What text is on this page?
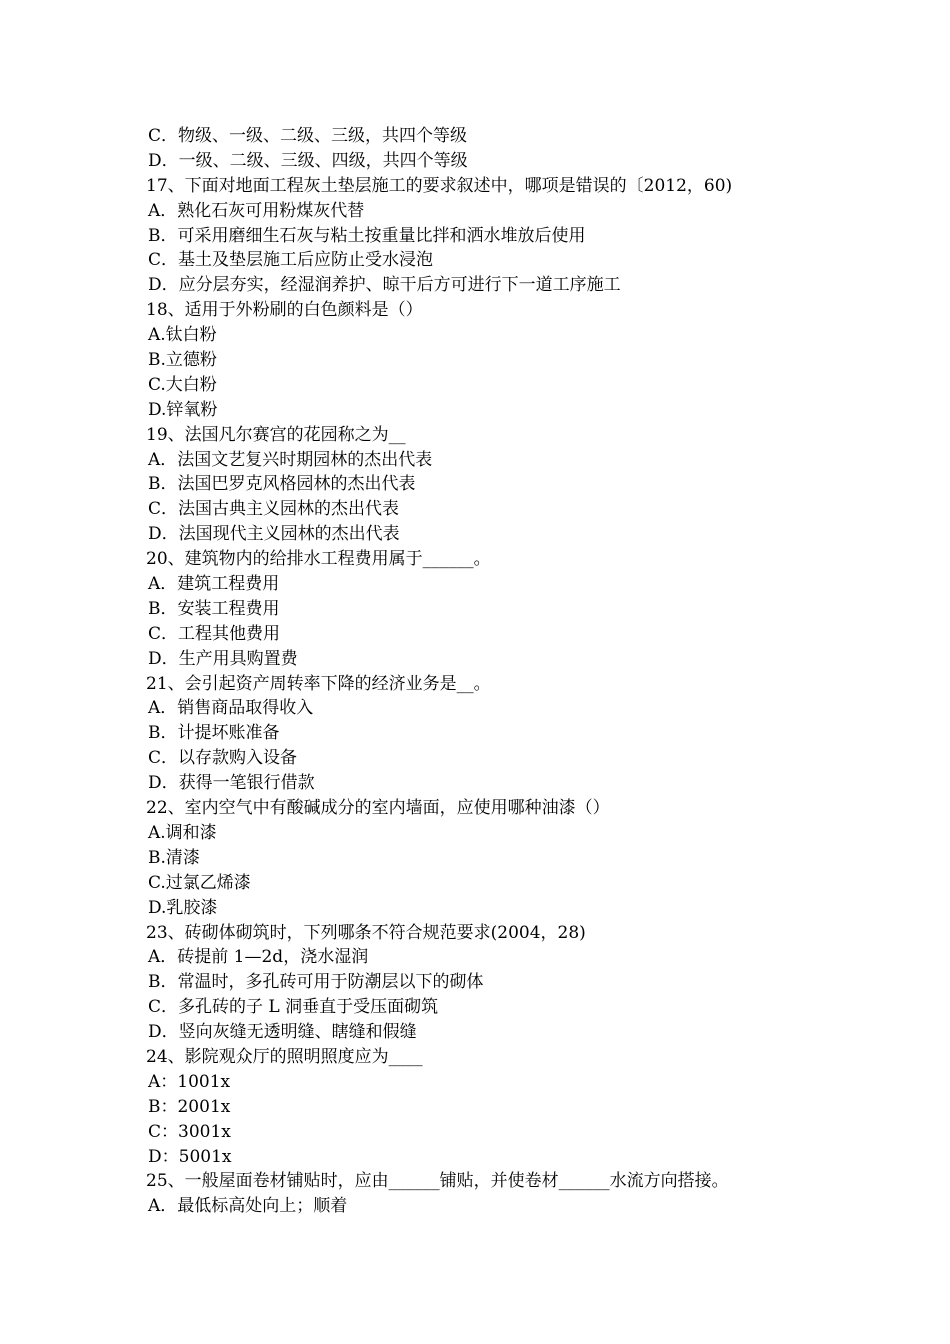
C．物级、一级、二级、三级，共四个等级
D．一级、二级、三级、四级，共四个等级
17、下面对地面工程灰土垫层施工的要求叙述中，哪项是错误的〔2012，60)
A．熟化石灰可用粉煤灰代替
B．可采用磨细生石灰与粘土按重量比拌和洒水堆放后使用
C．基土及垫层施工后应防止受水浸泡
D．应分层夯实，经湿润养护、晾干后方可进行下一道工序施工
18、适用于外粉刷的白色颜料是（）
A.钛白粉
B.立德粉
C.大白粉
D.锌氧粉
19、法国凡尔赛宫的花园称之为__
A．法国文艺复兴时期园林的杰出代表
B．法国巴罗克风格园林的杰出代表
C．法国古典主义园林的杰出代表
D．法国现代主义园林的杰出代表
20、建筑物内的给排水工程费用属于______。
A．建筑工程费用
B．安装工程费用
C．工程其他费用
D．生产用具购置费
21、会引起资产周转率下降的经济业务是__。
A．销售商品取得收入
B．计提坏账准备
C．以存款购入设备
D．获得一笔银行借款
22、室内空气中有酸碱成分的室内墙面，应使用哪种油漆（）
A.调和漆
B.清漆
C.过氯乙烯漆
D.乳胶漆
23、砖砌体砌筑时，下列哪条不符合规范要求(2004，28)
A．砖提前 1—2d，浇水湿润
B．常温时，多孔砖可用于防潮层以下的砌体
C．多孔砖的子 L 洞垂直于受压面砌筑
D．竖向灰缝无透明缝、瞎缝和假缝
24、影院观众厅的照明照度应为____
A：1001x
B：2001x
C：3001x
D：5001x
25、一般屋面卷材铺贴时，应由______铺贴，并使卷材______水流方向搭接。
A．最低标高处向上；顺着
